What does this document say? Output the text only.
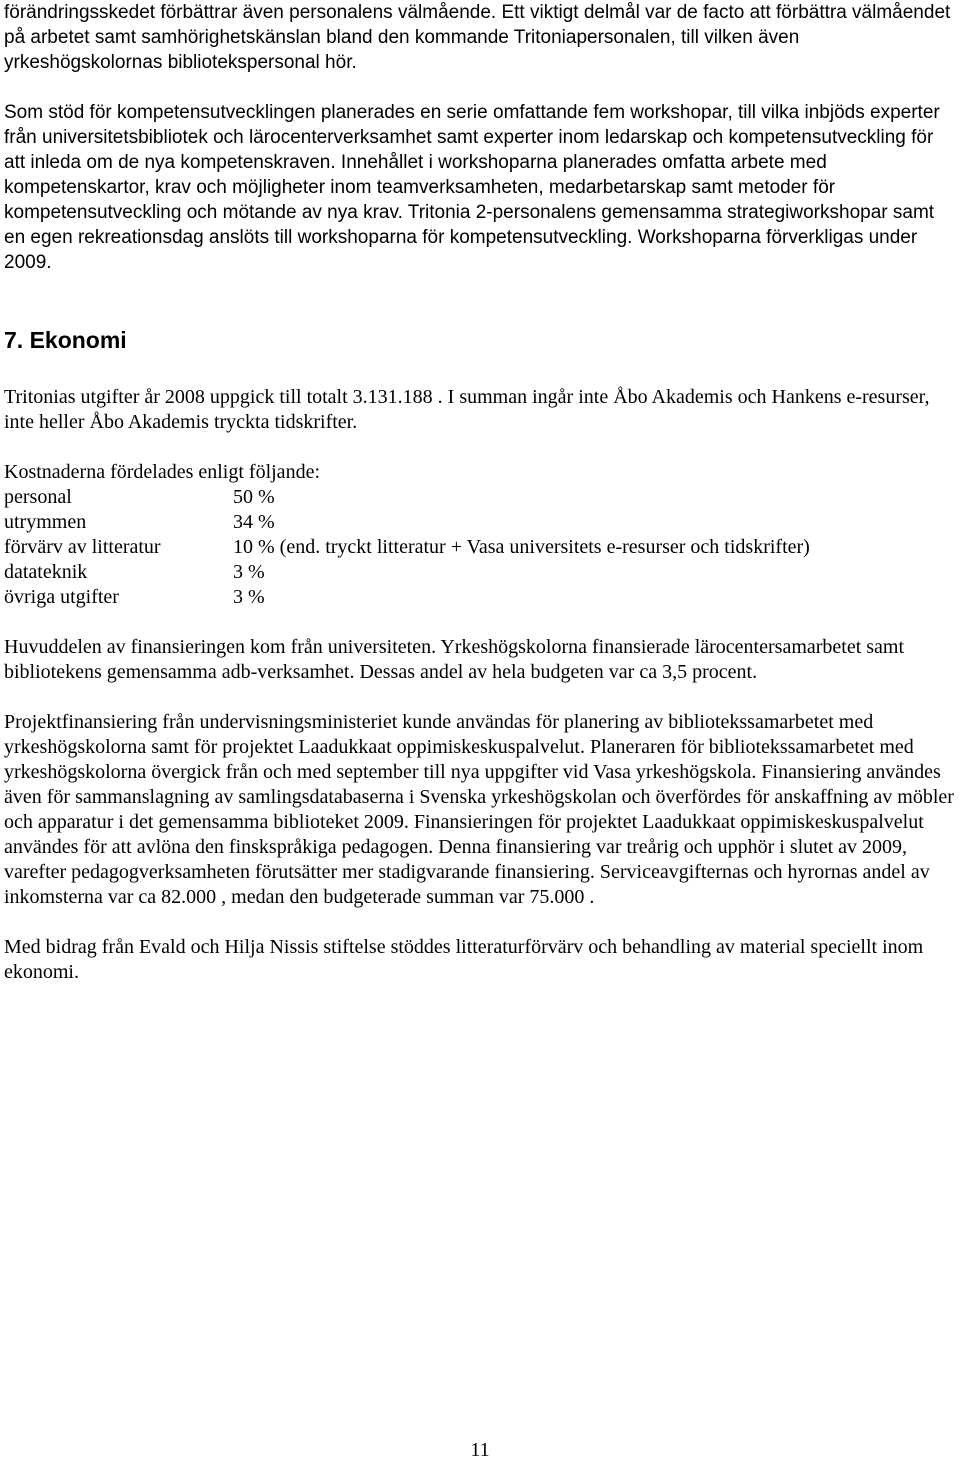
förändringsskedet förbättrar även personalens välmående. Ett viktigt delmål var de facto att förbättra välmåendet på arbetet samt samhörighetskänslan bland den kommande Tritoniapersonalen, till vilken även yrkeshögskolornas bibliotekspersonal hör.

Som stöd för kompetensutvecklingen planerades en serie omfattande fem workshopar, till vilka inbjöds experter från universitetsbibliotek och lärocenterverksamhet samt experter inom ledarskap och kompetensutveckling för att inleda om de nya kompetenskraven. Innehållet i workshoparna planerades omfatta arbete med kompetenskartor, krav och möjligheter inom teamverksamheten, medarbetarskap samt metoder för kompetensutveckling och mötande av nya krav. Tritonia 2-personalens gemensamma strategiworkshopar samt en egen rekreationsdag anslöts till workshoparna för kompetensutveckling. Workshoparna förverkligas under 2009.

7. Ekonomi

Tritonias utgifter år 2008 uppgick till totalt 3.131.188 . I summan ingår inte Åbo Akademis och Hankens e-resurser, inte heller Åbo Akademis tryckta tidskrifter.

Kostnaderna fördelades enligt följande:

personal	50 %
utrymmen	34 %
förvärv av litteratur	10 % (end. tryckt litteratur + Vasa universitets e-resurser och tidskrifter)
datateknik	3 %
övriga utgifter	3 %

Huvuddelen av finansieringen kom från universiteten. Yrkeshögskolorna finansierade lärocentersamarbetet samt bibliotekens gemensamma adb-verksamhet. Dessas andel av hela budgeten var ca 3,5 procent.

Projektfinansiering från undervisningsministeriet kunde användas för planering av bibliotekssamarbetet med yrkeshögskolorna samt för projektet Laadukkaat oppimiskeskuspalvelut. Planeraren för bibliotekssamarbetet med yrkeshögskolorna övergick från och med september till nya uppgifter vid Vasa yrkeshögskola. Finansiering användes även för sammanslagning av samlingsdatabaserna i Svenska yrkeshögskolan och överfördes för anskaffning av möbler och apparatur i det gemensamma biblioteket 2009. Finansieringen för projektet Laadukkaat oppimiskeskuspalvelut användes för att avlöna den finskspråkiga pedagogen. Denna finansiering var treårig och upphör i slutet av 2009, varefter pedagogverksamheten förutsätter mer stadigvarande finansiering. Serviceavgifternas och hyrornas andel av inkomsterna var ca 82.000 , medan den budgeterade summan var 75.000 .

Med bidrag från Evald och Hilja Nissis stiftelse stöddes litteraturförvärv och behandling av material speciellt inom ekonomi.

11
